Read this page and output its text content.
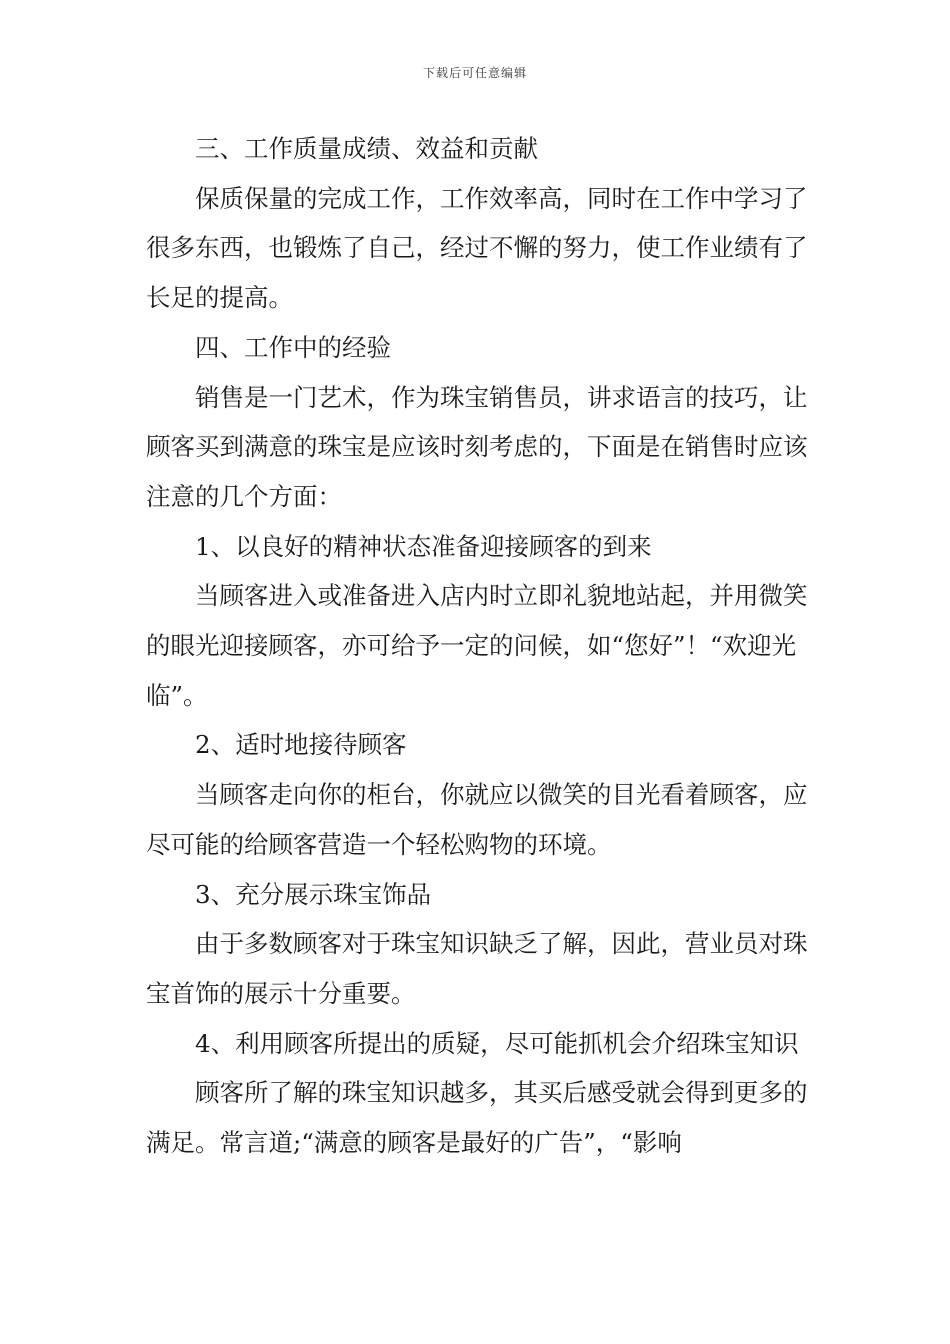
下载后可任意编辑

三、工作质量成绩、效益和贡献

保质保量的完成工作，工作效率高，同时在工作中学习了很多东西，也锻炼了自己，经过不懈的努力，使工作业绩有了长足的提高。

四、工作中的经验

销售是一门艺术，作为珠宝销售员，讲求语言的技巧，让顾客买到满意的珠宝是应该时刻考虑的，下面是在销售时应该注意的几个方面：

1、以良好的精神状态准备迎接顾客的到来

当顾客进入或准备进入店内时立即礼貌地站起，并用微笑的眼光迎接顾客，亦可给予一定的问候，如“您好”！“欢迎光临”。

2、适时地接待顾客

当顾客走向你的柜台，你就应以微笑的目光看着顾客，应尽可能的给顾客营造一个轻松购物的环境。

3、充分展示珠宝饰品

由于多数顾客对于珠宝知识缺乏了解，因此，营业员对珠宝首饰的展示十分重要。

4、利用顾客所提出的质疑，尽可能抓机会介绍珠宝知识

顾客所了解的珠宝知识越多，其买后感受就会得到更多的满足。常言道;“满意的顾客是最好的广告”，“影响
